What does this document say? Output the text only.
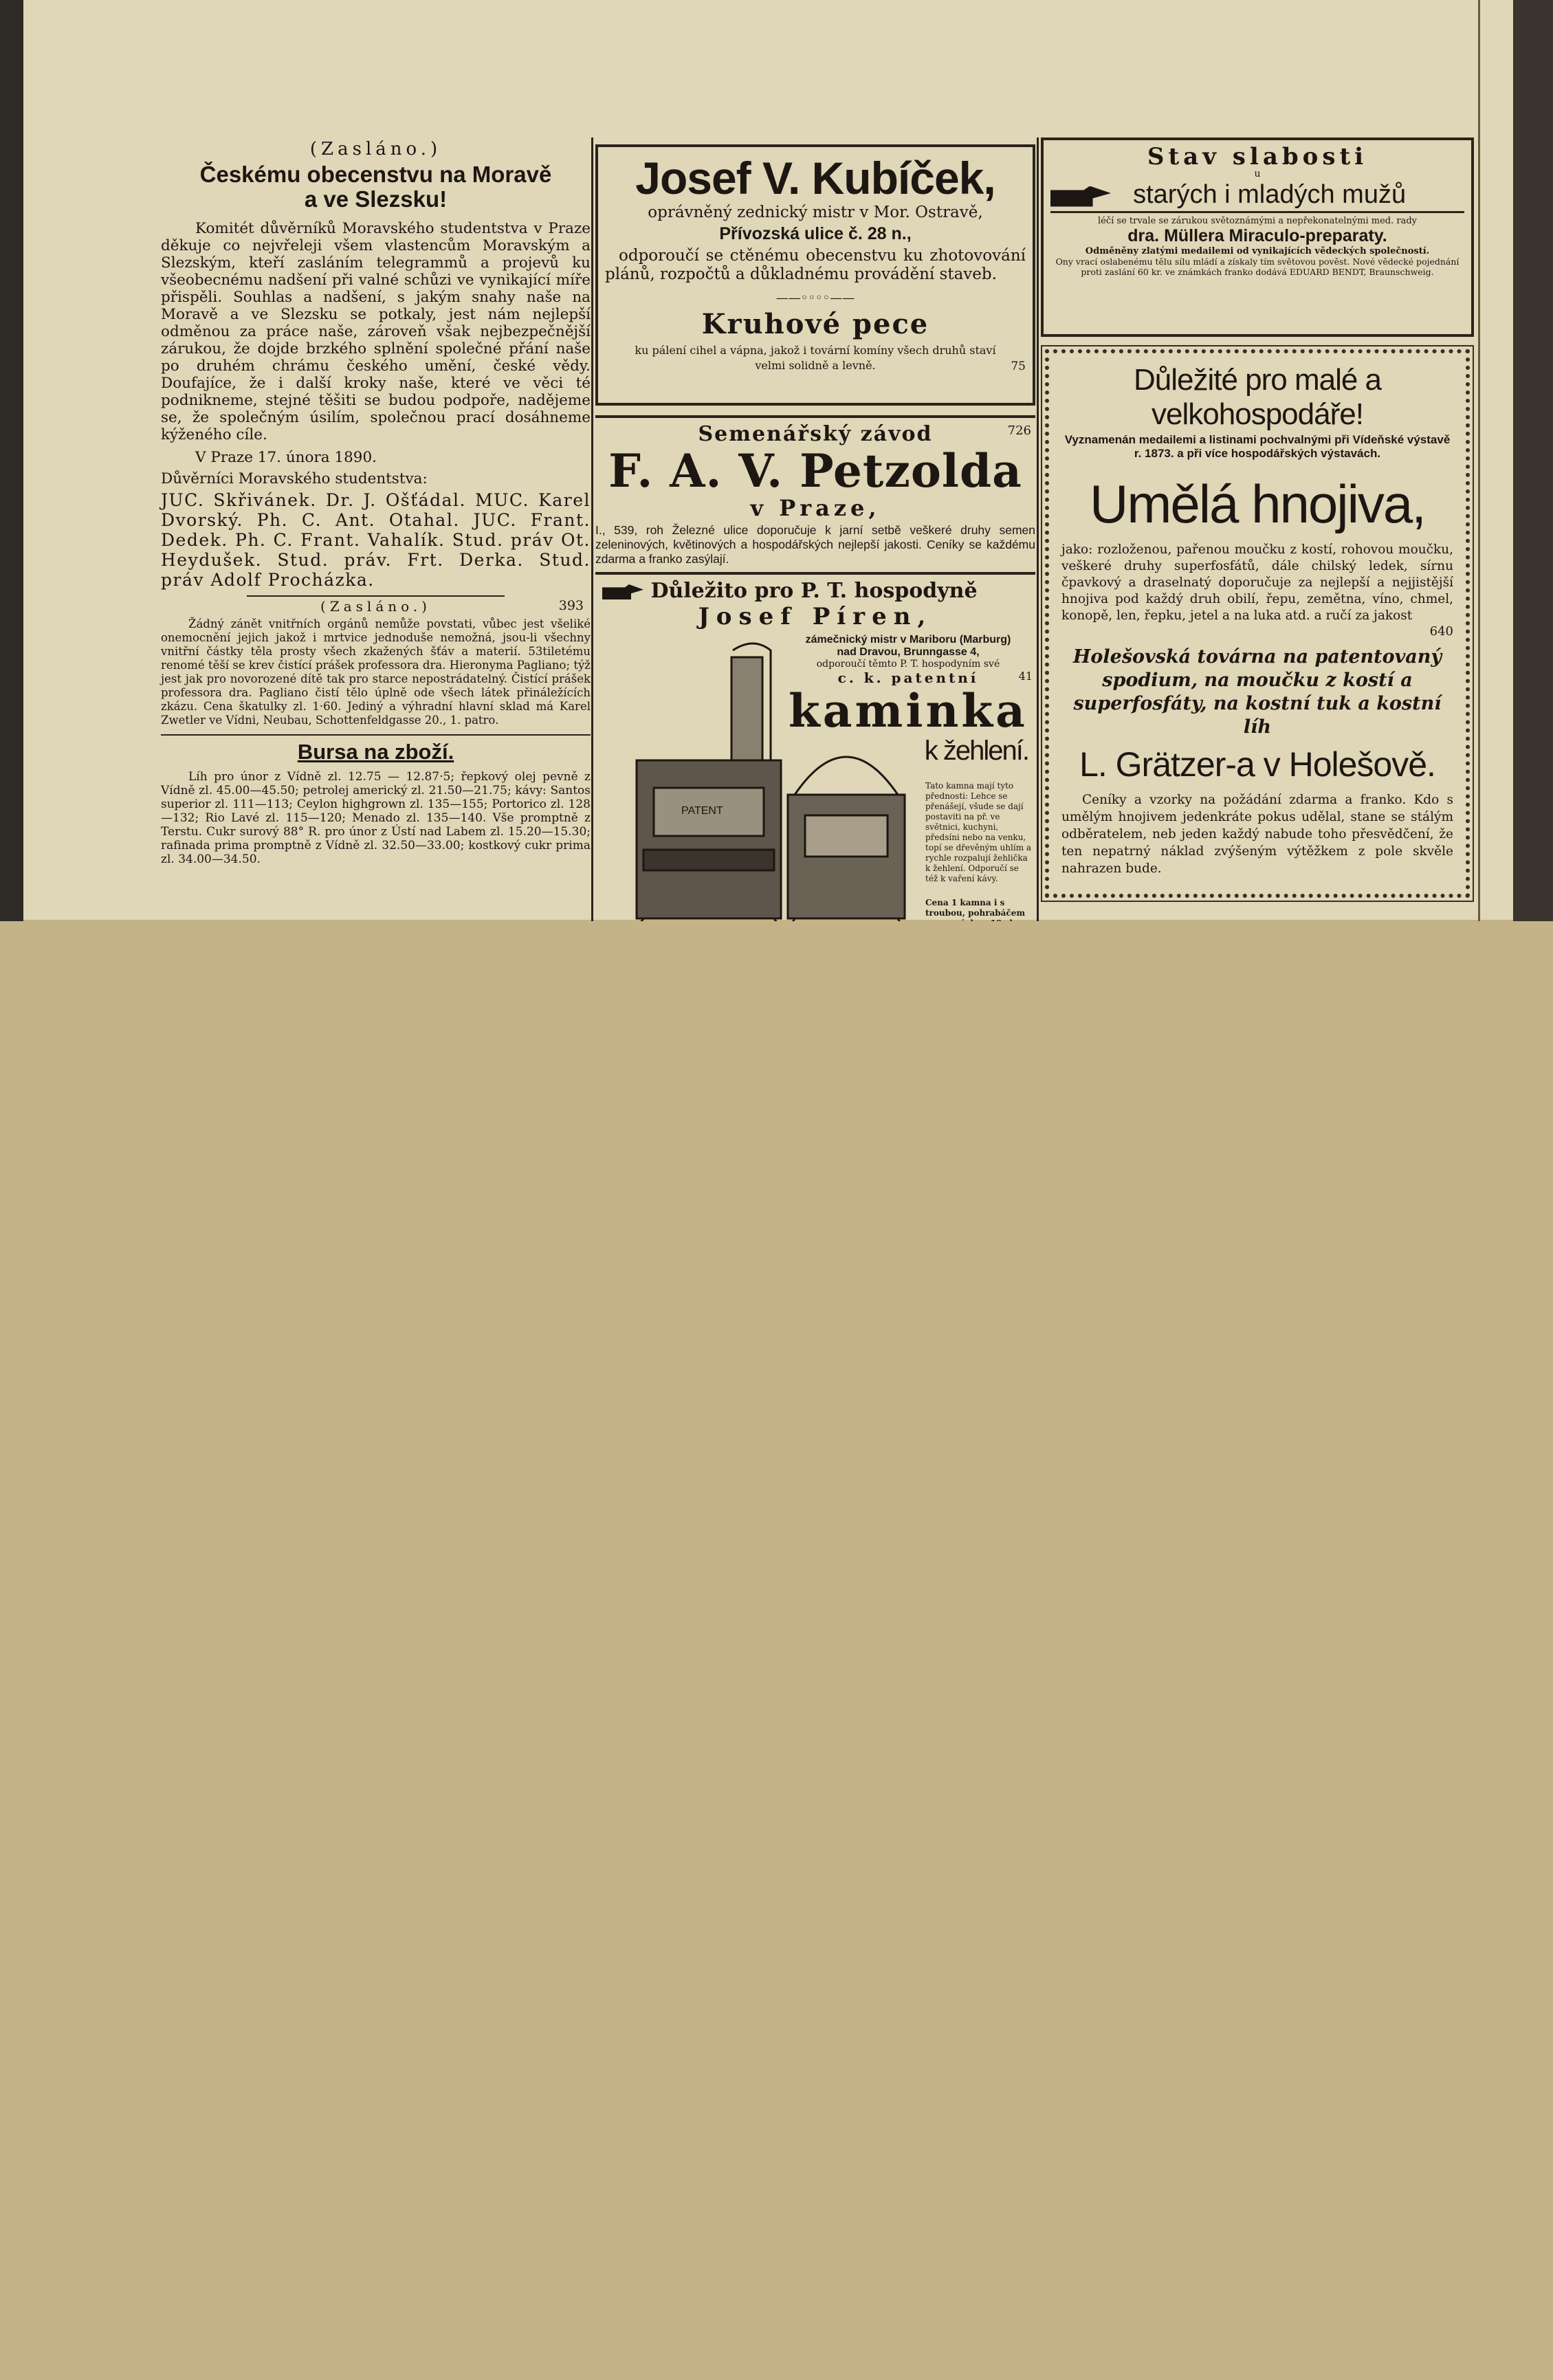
(Zasláno.)
Českému obecenstvu na Moravě
a ve Slezsku!

Komitét důvěrníků Moravského studentstva v Praze děkuje co nejvřeleji všem vlastencům Moravským a Slezským, kteří zasláním telegrammů a projevů ku všeobecnému nadšení při valné schůzi ve vynikající míře přispěli. Souhlas a nadšení, s jakým snahy naše na Moravě a ve Slezsku se potkaly, jest nám nejlepší odměnou za práce naše, zároveň však nejbezpečnější zárukou, že dojde brzkého splnění společné přání naše po druhém chrámu českého umění, české vědy. Doufajíce, že i další kroky naše, které ve věci té podnikneme, stejné těšiti se budou podpoře, nadějeme se, že společným úsilím, společnou prací dosáhneme kýženého cíle.

V Praze 17. února 1890.

Důvěrníci Moravského studentstva:

JUC. Skřivánek. Dr. J. Ošťádal. MUC. Karel Dvorský. Ph. C. Ant. Otahal. JUC. Frant. Dedek. Ph. C. Frant. Vahalík. Stud. práv Ot. Heydušek. Stud. práv. Frt. Derka. Stud. práv Adolf Procházka.

(Zasláno.)	393

Žádný zánět vnitřních orgánů nemůže povstati, vůbec jest všeliké onemocnění jejich jakož i mrtvice jednoduše nemožná, jsou-li všechny vnitřní částky těla prosty všech zkažených šťáv a materií. 53tiletému renomé těší se krev čistící prášek professora dra. Hieronyma Pagliano; týž jest jak pro novorozené dítě tak pro starce nepostrádatelný. Čistící prášek professora dra. Pagliano čistí tělo úplně ode všech látek přináležících zkázu. Cena škatulky zl. 1·60. Jediný a výhradní hlavní sklad má Karel Zwetler ve Vídni, Neubau, Schottenfeldgasse 20., 1. patro.

Bursa na zboží.

Líh pro únor z Vídně zl. 12.75 — 12.87·5; řepkový olej pevně z Vídně zl. 45.00—45.50; petrolej americký zl. 21.50—21.75; kávy: Santos superior zl. 111—113; Ceylon highgrown zl. 135—155; Portorico zl. 128—132; Rio Lavé zl. 115—120; Menado zl. 135—140. Vše promptně z Terstu. Cukr surový 88° R. pro únor z Ústí nad Labem zl. 15.20—15.30; rafinada prima promptně z Vídně zl. 32.50—33.00; kostkový cukr prima zl. 34.00—34.50.

Josef V. Kubíček,
oprávněný zednický mistr v Mor. Ostravě,
Přívozská ulice č. 28 n.,

odporoučí se ctěnému obecenstvu ku zhotovování plánů, rozpočtů a důkladnému provádění staveb.

——◦◦◦◦——
Kruhové pece

ku pálení cihel a vápna, jakož i tovární komíny všech druhů staví velmi solidně a levně.	75
Semenářský závod	726
F. A. V. Petzolda
v Praze,

I., 539, roh Železné ulice doporučuje k jarní setbě veškeré druhy semen zeleninových, květinových a hospodářských nejlepší jakosti. Ceníky se každému zdarma a franko zasýlají.

Důležito pro P. T. hospodyně
Josef Píren,
PATENT
zámečnický mistr v Mariboru (Marburg)
nad Dravou, Brunngasse 4,
odporoučí těmto P. T. hospodyním své
c. k. patentní	41
kaminka
k žehlení.

Tato kamna mají tyto přednosti: Lehce se přenášejí, všude se dají postaviti na př. ve světnici, kuchyni, předsíni nebo na venku, topí se dřevěným uhlím a rychle rozpalují žehlička k žehlení. Odporučí se též k vaření kávy.

Cena 1 kamna i s troubou, pohrabáčem

Stav slabosti
u
starých i mladých mužů
léčí se trvale se zárukou světoznámými a nepřekonatelnými med. rady
dra. Müllera Miraculo-preparaty.
Odměněny zlatými medailemi od vynikajících vědeckých společností.

Ony vrací oslabenému tělu sílu mládí a získaly tím světovou pověst. Nové vědecké pojednání proti zaslání 60 kr. ve známkách franko dodává EDUARD BENDT, Braunschweig.

Důležité pro malé a velkohospodáře!

Vyznamenán medailemi a listinami pochvalnými při Vídeňské výstavě r. 1873. a při více hospodářských výstavách.

Umělá hnojiva,

jako: rozloženou, pařenou moučku z kostí, rohovou moučku, veškeré druhy superfosfátů, dále chilský ledek, sírnu čpavkový a draselnatý doporučuje za nejlepší a nejjistější hnojiva pod každý druh obilí, řepu, zemětna, víno, chmel, konopě, len, řepku, jetel a na luka atd. a ručí za jakost

640

Holešovská továrna na patentovaný spodium, na moučku z kostí a superfosfáty, na kostní tuk a kostní líh

L. Grätzer-a v Holešově.

Ceníky a vzorky na požádání zdarma a franko. Kdo s umělým hnojivem jedenkráte pokus udělal, stane se stálým odběratelem, neb jeden každý nabude toho přesvědčení, že ten nepatrný náklad zvýšeným výtěžkem z pole skvěle nahrazen bude.
